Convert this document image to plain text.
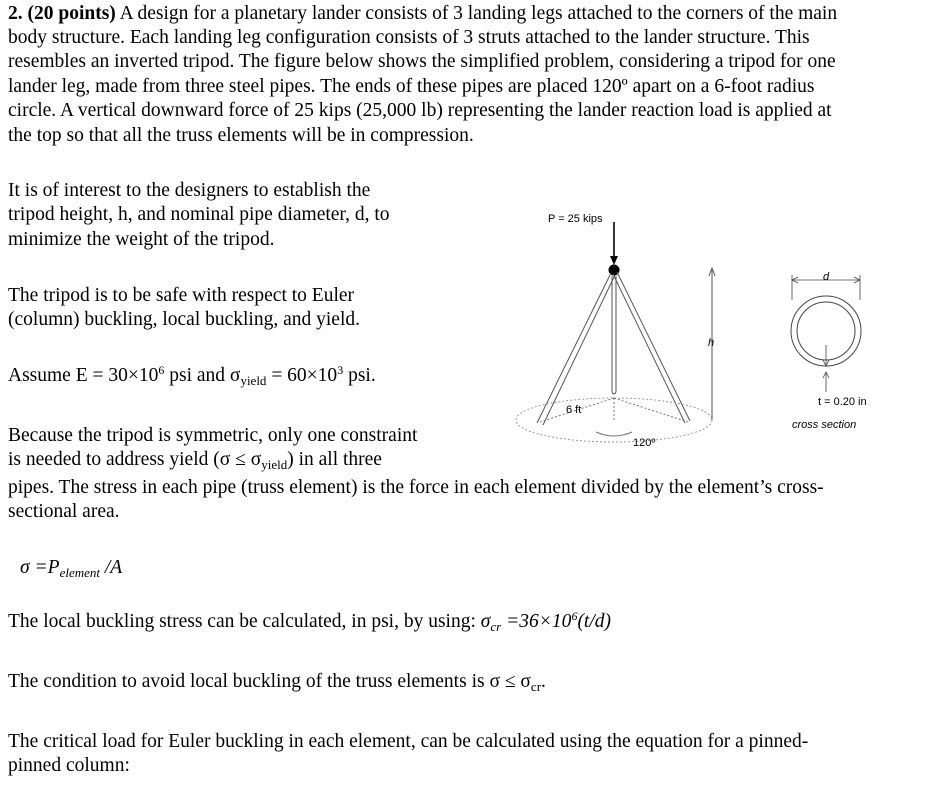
2. (20 points) A design for a planetary lander consists of 3 landing legs attached to the corners of the main
body structure. Each landing leg configuration consists of 3 struts attached to the lander structure. This
resembles an inverted tripod. The figure below shows the simplified problem, considering a tripod for one
lander leg, made from three steel pipes. The ends of these pipes are placed 120º apart on a 6-foot radius
circle. A vertical downward force of 25 kips (25,000 lb) representing the lander reaction load is applied at
the top so that all the truss elements will be in compression.
It is of interest to the designers to establish the
tripod height, h, and nominal pipe diameter, d, to
minimize the weight of the tripod.
The tripod is to be safe with respect to Euler
(column) buckling, local buckling, and yield.
Assume $E = 30\times 10^6$ psi and $\sigma_{yield} = 60\times 10^3$ psi.
Because the tripod is symmetric, only one constraint
is needed to address yield $(\sigma \le \sigma_{yield})$ in all three
pipes. The stress in each pipe (truss element) is the force in each element divided by the element’s cross-
sectional area.
$\sigma =P_{element}$ /A
The local buckling stress can be calculated, in psi, by using: $\sigma_{cr} =36\times 10^6(t/d)$
The condition to avoid local buckling of the truss elements is $\sigma \le \sigma_{cr}$.
The critical load for Euler buckling in each element, can be calculated using the equation for a pinned-
pinned column:
P = 25 kips
h
6 ft
120º
d
t = 0.20 in
cross section
